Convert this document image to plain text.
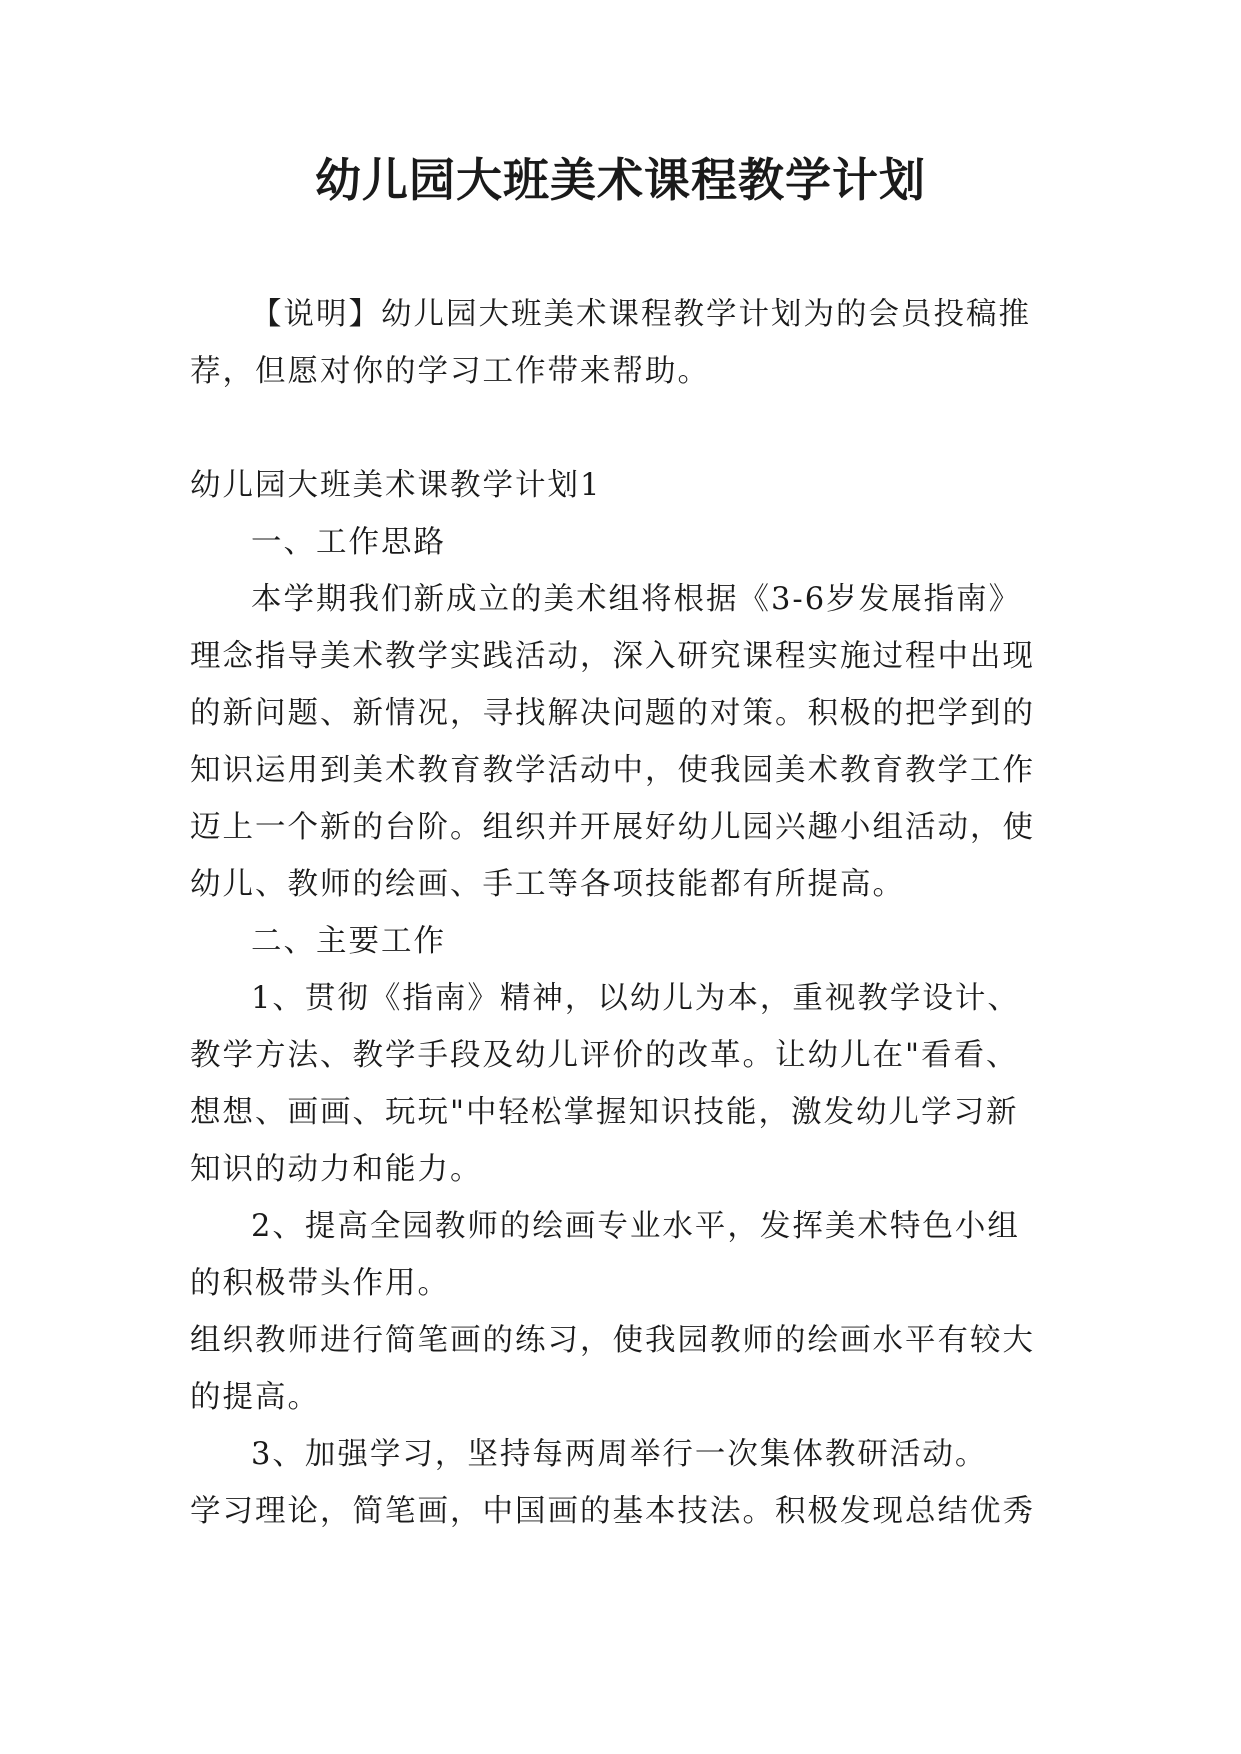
幼儿园大班美术课程教学计划

【说明】幼儿园大班美术课程教学计划为的会员投稿推
荐，但愿对你的学习工作带来帮助。

幼儿园大班美术课教学计划1

一、工作思路

本学期我们新成立的美术组将根据《3-6岁发展指南》
理念指导美术教学实践活动，深入研究课程实施过程中出现
的新问题、新情况，寻找解决问题的对策。积极的把学到的
知识运用到美术教育教学活动中，使我园美术教育教学工作
迈上一个新的台阶。组织并开展好幼儿园兴趣小组活动，使
幼儿、教师的绘画、手工等各项技能都有所提高。

二、主要工作

1、贯彻《指南》精神，以幼儿为本，重视教学设计、
教学方法、教学手段及幼儿评价的改革。让幼儿在"看看、
想想、画画、玩玩"中轻松掌握知识技能，激发幼儿学习新
知识的动力和能力。

2、提高全园教师的绘画专业水平，发挥美术特色小组
的积极带头作用。

组织教师进行简笔画的练习，使我园教师的绘画水平有较大
的提高。

3、加强学习，坚持每两周举行一次集体教研活动。

学习理论，简笔画，中国画的基本技法。积极发现总结优秀
